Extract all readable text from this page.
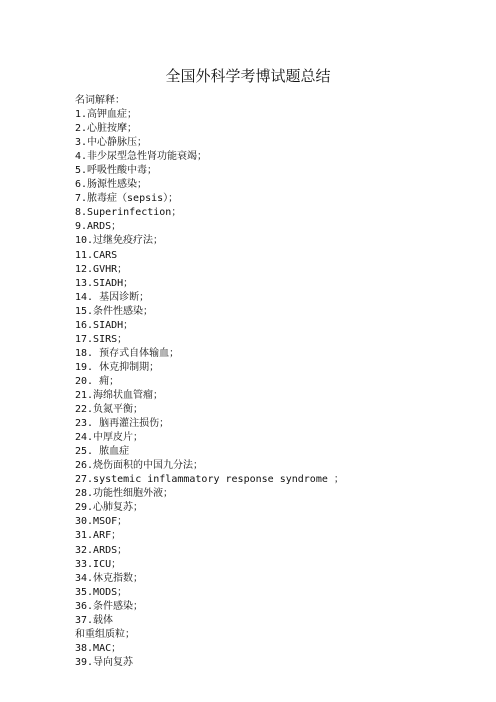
全国外科学考博试题总结
名词解释：
1.高钾血症；
2.心脏按摩；
3.中心静脉压；
4.非少尿型急性肾功能衰竭；
5.呼吸性酸中毒；
6.肠源性感染；
7.脓毒症（sepsis）；
8.Superinfection；
9.ARDS；
10.过继免疫疗法；
11.CARS
12.GVHR；
13.SIADH；
14. 基因诊断；
15.条件性感染；
16.SIADH；
17.SIRS；
18. 预存式自体输血；
19. 休克抑制期；
20. 痈；
21.海绵状血管瘤；
22.负氮平衡；
23. 脑再灌注损伤；
24.中厚皮片；
25. 脓血症
26.烧伤面积的中国九分法；
27.systemic inflammatory response syndrome ；
28.功能性细胞外液；
29.心肺复苏；
30.MSOF；
31.ARF；
32.ARDS；
33.ICU；
34.休克指数；
35.MODS；
36.条件感染；
37.载体
和重组质粒；
38.MAC；
39.导向复苏
